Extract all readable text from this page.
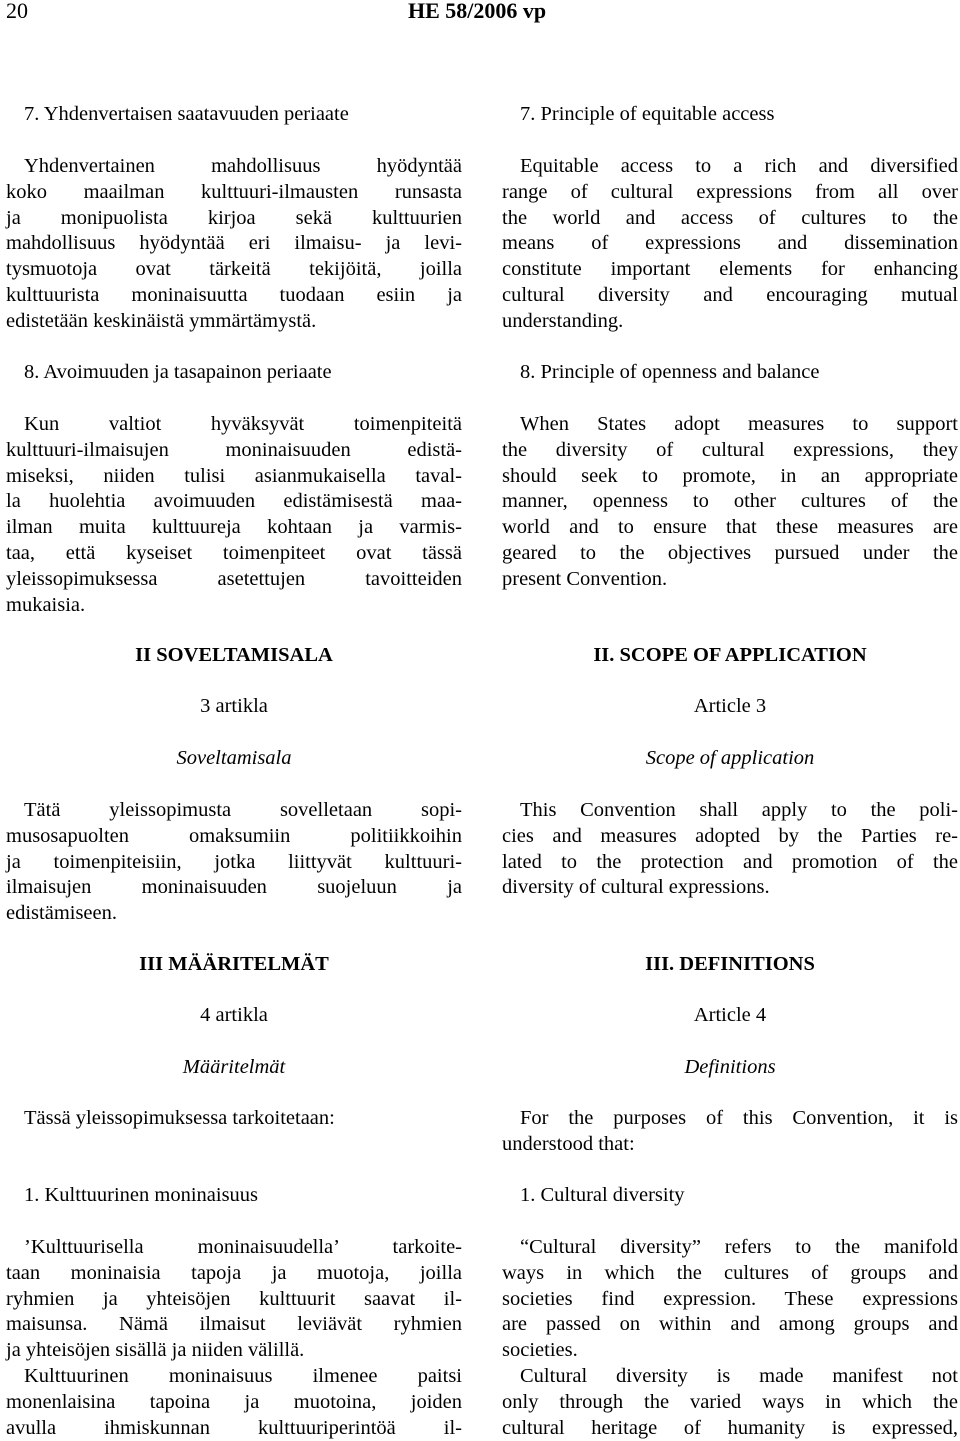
20	HE 58/2006 vp
7. Yhdenvertaisen saatavuuden periaate
Yhdenvertainen mahdollisuus hyödyntää
koko maailman kulttuuri-ilmausten runsasta
ja monipuolista kirjoa sekä kulttuurien
mahdollisuus hyödyntää eri ilmaisu- ja levi-
tysmuotoja ovat tärkeitä tekijöitä, joilla
kulttuurista moninaisuutta tuodaan esiin ja
edistetään keskinäistä ymmärtämystä.
8. Avoimuuden ja tasapainon periaate
Kun valtiot hyväksyvät toimenpiteitä
kulttuuri-ilmaisujen moninaisuuden edistä-
miseksi, niiden tulisi asianmukaisella taval-
la huolehtia avoimuuden edistämisestä maa-
ilman muita kulttuureja kohtaan ja varmis-
taa, että kyseiset toimenpiteet ovat tässä
yleissopimuksessa asetettujen tavoitteiden
mukaisia.
II SOVELTAMISALA
3 artikla
Soveltamisala
Tätä yleissopimusta sovelletaan sopi-
musosapuolten omaksumiin politiikkoihin
ja toimenpiteisiin, jotka liittyvät kulttuuri-
ilmaisujen moninaisuuden suojeluun ja
edistämiseen.
III MÄÄRITELMÄT
4 artikla
Määritelmät
Tässä yleissopimuksessa tarkoitetaan:
1. Kulttuurinen moninaisuus
’Kulttuurisella moninaisuudella’ tarkoite-
taan moninaisia tapoja ja muotoja, joilla
ryhmien ja yhteisöjen kulttuurit saavat il-
maisunsa. Nämä ilmaisut leviävät ryhmien
ja yhteisöjen sisällä ja niiden välillä.
Kulttuurinen moninaisuus ilmenee paitsi
monenlaisina tapoina ja muotoina, joiden
avulla ihmiskunnan kulttuuriperintöä il-
7. Principle of equitable access
Equitable access to a rich and diversified
range of cultural expressions from all over
the world and access of cultures to the
means of expressions and dissemination
constitute important elements for enhancing
cultural diversity and encouraging mutual
understanding.
8. Principle of openness and balance
When States adopt measures to support
the diversity of cultural expressions, they
should seek to promote, in an appropriate
manner, openness to other cultures of the
world and to ensure that these measures are
geared to the objectives pursued under the
present Convention.
II. SCOPE OF APPLICATION
Article 3
Scope of application
This Convention shall apply to the poli-
cies and measures adopted by the Parties re-
lated to the protection and promotion of the
diversity of cultural expressions.
III. DEFINITIONS
Article 4
Definitions
For the purposes of this Convention, it is
understood that:
1. Cultural diversity
“Cultural diversity” refers to the manifold
ways in which the cultures of groups and
societies find expression. These expressions
are passed on within and among groups and
societies.
Cultural diversity is made manifest not
only through the varied ways in which the
cultural heritage of humanity is expressed,
